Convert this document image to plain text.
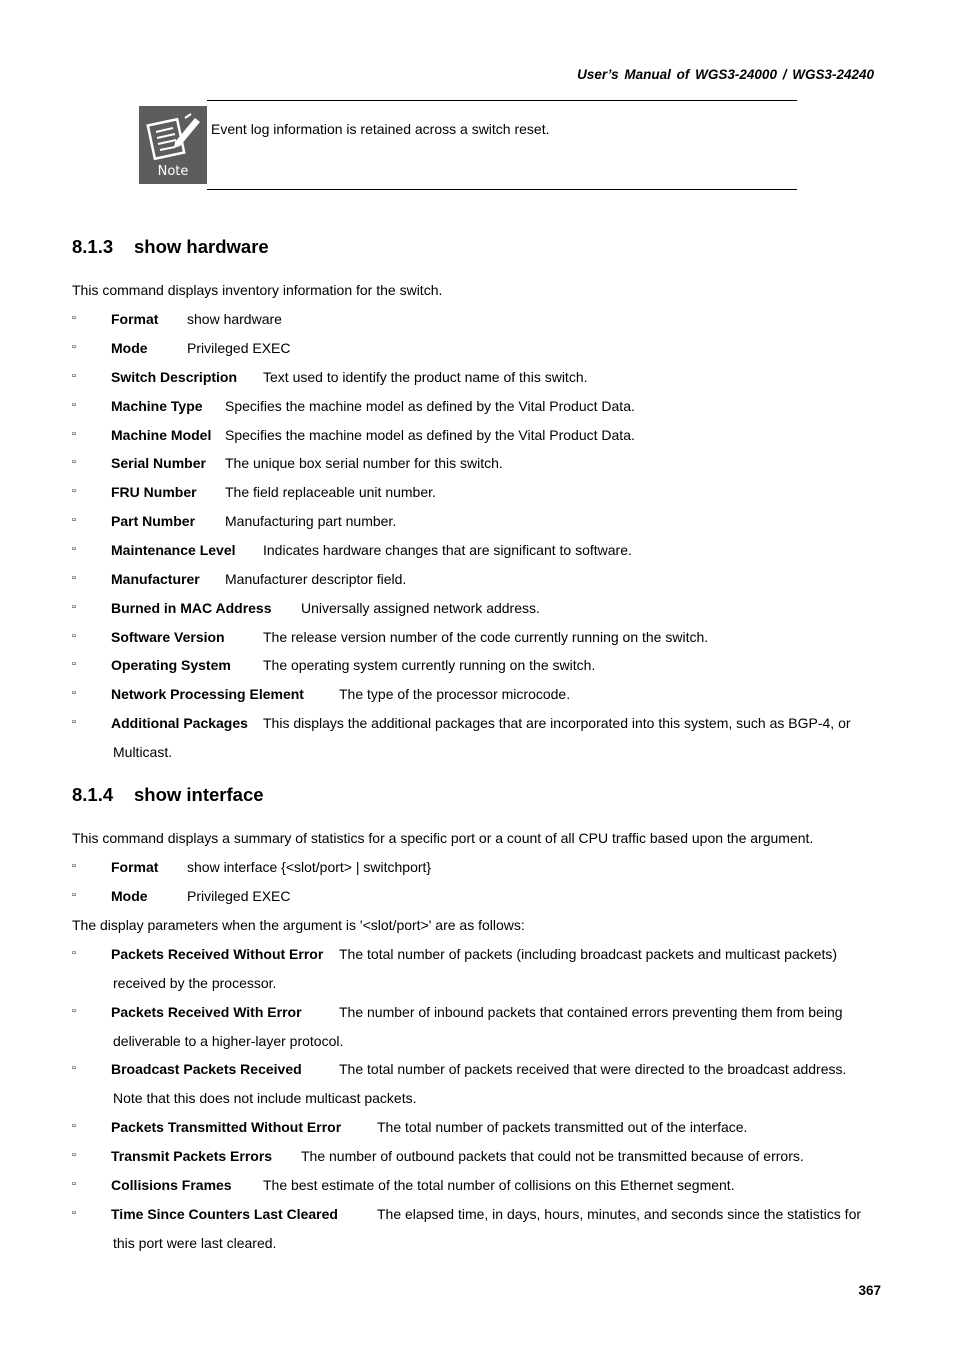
User’s Manual of WGS3-24000 / WGS3-24240
Note
Event log information is retained across a switch reset.
8.1.3 show hardware

This command displays inventory information for the switch.

▫	Format show hardware
▫	Mode	Privileged EXEC
▫	Switch Description Text used to identify the product name of this switch.
▫	Machine Type Specifies the machine model as defined by the Vital Product Data.
▫	Machine Model Specifies the machine model as defined by the Vital Product Data.
▫	Serial Number The unique box serial number for this switch.
▫	FRU Number The field replaceable unit number.
▫	Part Number Manufacturing part number.
▫	Maintenance Level Indicates hardware changes that are significant to software.
▫	Manufacturer Manufacturer descriptor field.
▫	Burned in MAC Address Universally assigned network address.
▫	Software Version	The release version number of the code currently running on the switch.
▫	Operating System The operating system currently running on the switch.
▫	Network Processing Element	The type of the processor microcode.
▫	Additional Packages This displays the additional packages that are incorporated into this system, such as BGP-4, or
Multicast.
8.1.4 show interface

This command displays a summary of statistics for a specific port or a count of all CPU traffic based upon the argument.

▫	Format show interface {<slot/port> | switchport}
▫	Mode	Privileged EXEC

The display parameters when the argument is '<slot/port>' are as follows:

▫	Packets Received Without Error The total number of packets (including broadcast packets and multicast packets)
received by the processor.
▫	Packets Received With Error	The number of inbound packets that contained errors preventing them from being
deliverable to a higher-layer protocol.
▫	Broadcast Packets Received	The total number of packets received that were directed to the broadcast address.
Note that this does not include multicast packets.
▫	Packets Transmitted Without Error	The total number of packets transmitted out of the interface.
▫	Transmit Packets Errors The number of outbound packets that could not be transmitted because of errors.
▫	Collisions Frames The best estimate of the total number of collisions on this Ethernet segment.
▫	Time Since Counters Last Cleared	The elapsed time, in days, hours, minutes, and seconds since the statistics for
this port were last cleared.
367
